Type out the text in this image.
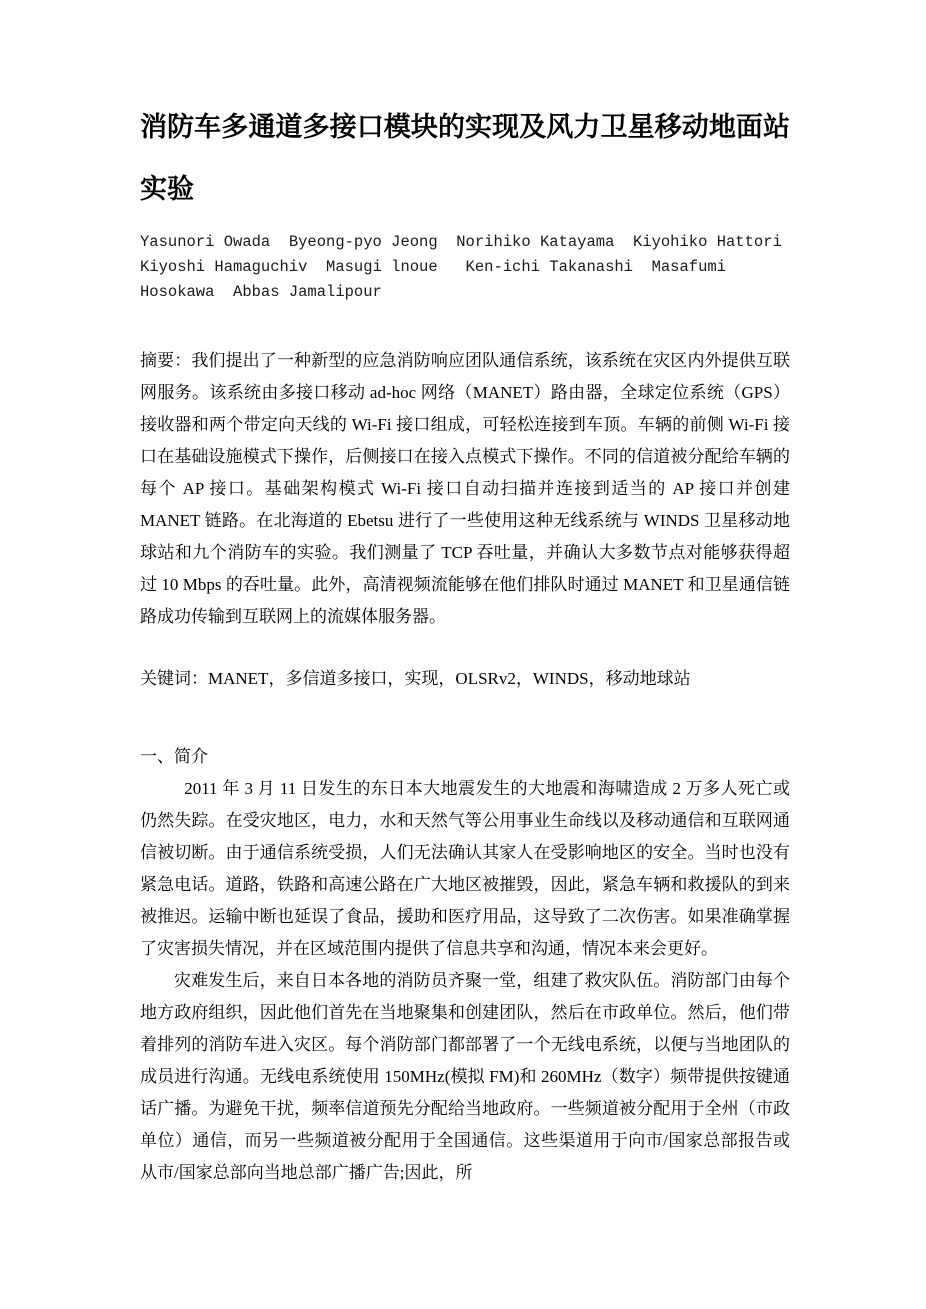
消防车多通道多接口模块的实现及风力卫星移动地面站实验
Yasunori Owada  Byeong-pyo Jeong  Norihiko Katayama  Kiyohiko Hattori
Kiyoshi Hamaguchiv  Masugi lnoue   Ken-ichi Takanashi  Masafumi
Hosokawa  Abbas Jamalipour

摘要：我们提出了一种新型的应急消防响应团队通信系统，该系统在灾区内外提供互联网服务。该系统由多接口移动 ad-hoc 网络（MANET）路由器，全球定位系统（GPS）接收器和两个带定向天线的 Wi-Fi 接口组成，可轻松连接到车顶。车辆的前侧 Wi-Fi 接口在基础设施模式下操作，后侧接口在接入点模式下操作。不同的信道被分配给车辆的每个 AP 接口。基础架构模式 Wi-Fi 接口自动扫描并连接到适当的 AP 接口并创建 MANET 链路。在北海道的 Ebetsu 进行了一些使用这种无线系统与 WINDS 卫星移动地球站和九个消防车的实验。我们测量了 TCP 吞吐量，并确认大多数节点对能够获得超过 10 Mbps 的吞吐量。此外，高清视频流能够在他们排队时通过 MANET 和卫星通信链路成功传输到互联网上的流媒体服务器。

关键词：MANET，多信道多接口，实现，OLSRv2，WINDS，移动地球站

一、简介

2011 年 3 月 11 日发生的东日本大地震发生的大地震和海啸造成 2 万多人死亡或仍然失踪。在受灾地区，电力，水和天然气等公用事业生命线以及移动通信和互联网通信被切断。由于通信系统受损，人们无法确认其家人在受影响地区的安全。当时也没有紧急电话。道路，铁路和高速公路在广大地区被摧毁，因此，紧急车辆和救援队的到来被推迟。运输中断也延误了食品，援助和医疗用品，这导致了二次伤害。如果准确掌握了灾害损失情况，并在区域范围内提供了信息共享和沟通，情况本来会更好。

灾难发生后，来自日本各地的消防员齐聚一堂，组建了救灾队伍。消防部门由每个地方政府组织，因此他们首先在当地聚集和创建团队，然后在市政单位。然后，他们带着排列的消防车进入灾区。每个消防部门都部署了一个无线电系统，以便与当地团队的成员进行沟通。无线电系统使用 150MHz(模拟 FM)和 260MHz（数字）频带提供按键通话广播。为避免干扰，频率信道预先分配给当地政府。一些频道被分配用于全州（市政单位）通信，而另一些频道被分配用于全国通信。这些渠道用于向市/国家总部报告或从市/国家总部向当地总部广播广告;因此，所
